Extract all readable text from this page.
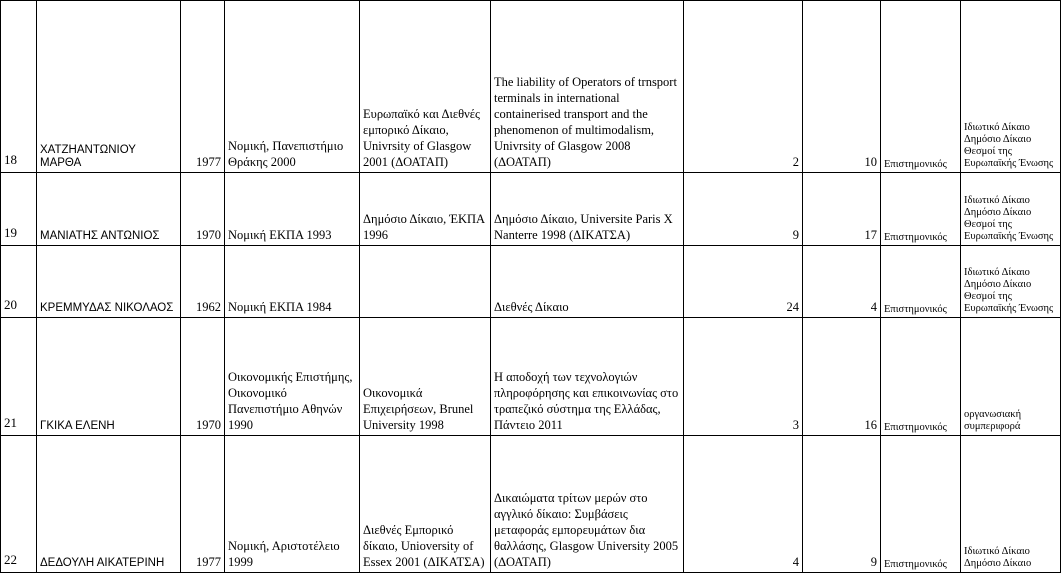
18	ΧΑΤΖΗΑΝΤΩΝΙΟΥ ΜΑΡΘΑ	1977	Νομική, Πανεπιστήμιο Θράκης 2000	Ευρωπαϊκό και Διεθνές εμπορικό Δίκαιο, Univrsity of Glasgow 2001 (ΔΟΑΤΑΠ)	The liability of Operators of trnsport terminals in international containerised transport and the phenomenon of multimodalism, Univrsity of Glasgow 2008 (ΔΟΑΤΑΠ)	2	10	Επιστημονικός	Ιδιωτικό Δίκαιο Δημόσιο Δίκαιο Θεσμοί της Ευρωπαϊκής Ένωσης
19	ΜΑΝΙΑΤΗΣ ΑΝΤΩΝΙΟΣ	1970	Νομική ΕΚΠΑ 1993	Δημόσιο Δίκαιο, ΈΚΠΑ 1996	Δημόσιο Δίκαιο, Universite Paris X Nanterre 1998 (ΔΙΚΑΤΣΑ)	9	17	Επιστημονικός	Ιδιωτικό Δίκαιο Δημόσιο Δίκαιο Θεσμοί της Ευρωπαϊκής Ένωσης
20	ΚΡΕΜΜΥΔΑΣ ΝΙΚΟΛΑΟΣ	1962	Νομική ΕΚΠΑ 1984		Διεθνές Δίκαιο	24	4	Επιστημονικός	Ιδιωτικό Δίκαιο Δημόσιο Δίκαιο Θεσμοί της Ευρωπαϊκής Ένωσης
21	ΓΚΙΚΑ ΕΛΕΝΗ	1970	Οικονομικής Επιστήμης, Οικονομικό Πανεπιστήμιο Αθηνών 1990	Οικονομικά Επιχειρήσεων, Brunel University 1998	Η αποδοχή των τεχνολογιών πληροφόρησης και επικοινωνίας στο τραπεζικό σύστημα της Ελλάδας, Πάντειο 2011	3	16	Επιστημονικός	οργανωσιακή συμπεριφορά
22	ΔΕΔΟΥΛΗ ΑΙΚΑΤΕΡΙΝΗ	1977	Νομική, Αριστοτέλειο 1999	Διεθνές Εμπορικό δίκαιο, Unioversity of Essex 2001 (ΔΙΚΑΤΣΑ)	Δικαιώματα τρίτων μερών στο αγγλικό δίκαιο: Συμβάσεις μεταφοράς εμπορευμάτων δια θαλλάσης, Glasgow University 2005 (ΔΟΑΤΑΠ)	4	9	Επιστημονικός	Ιδιωτικό Δίκαιο Δημόσιο Δίκαιο
